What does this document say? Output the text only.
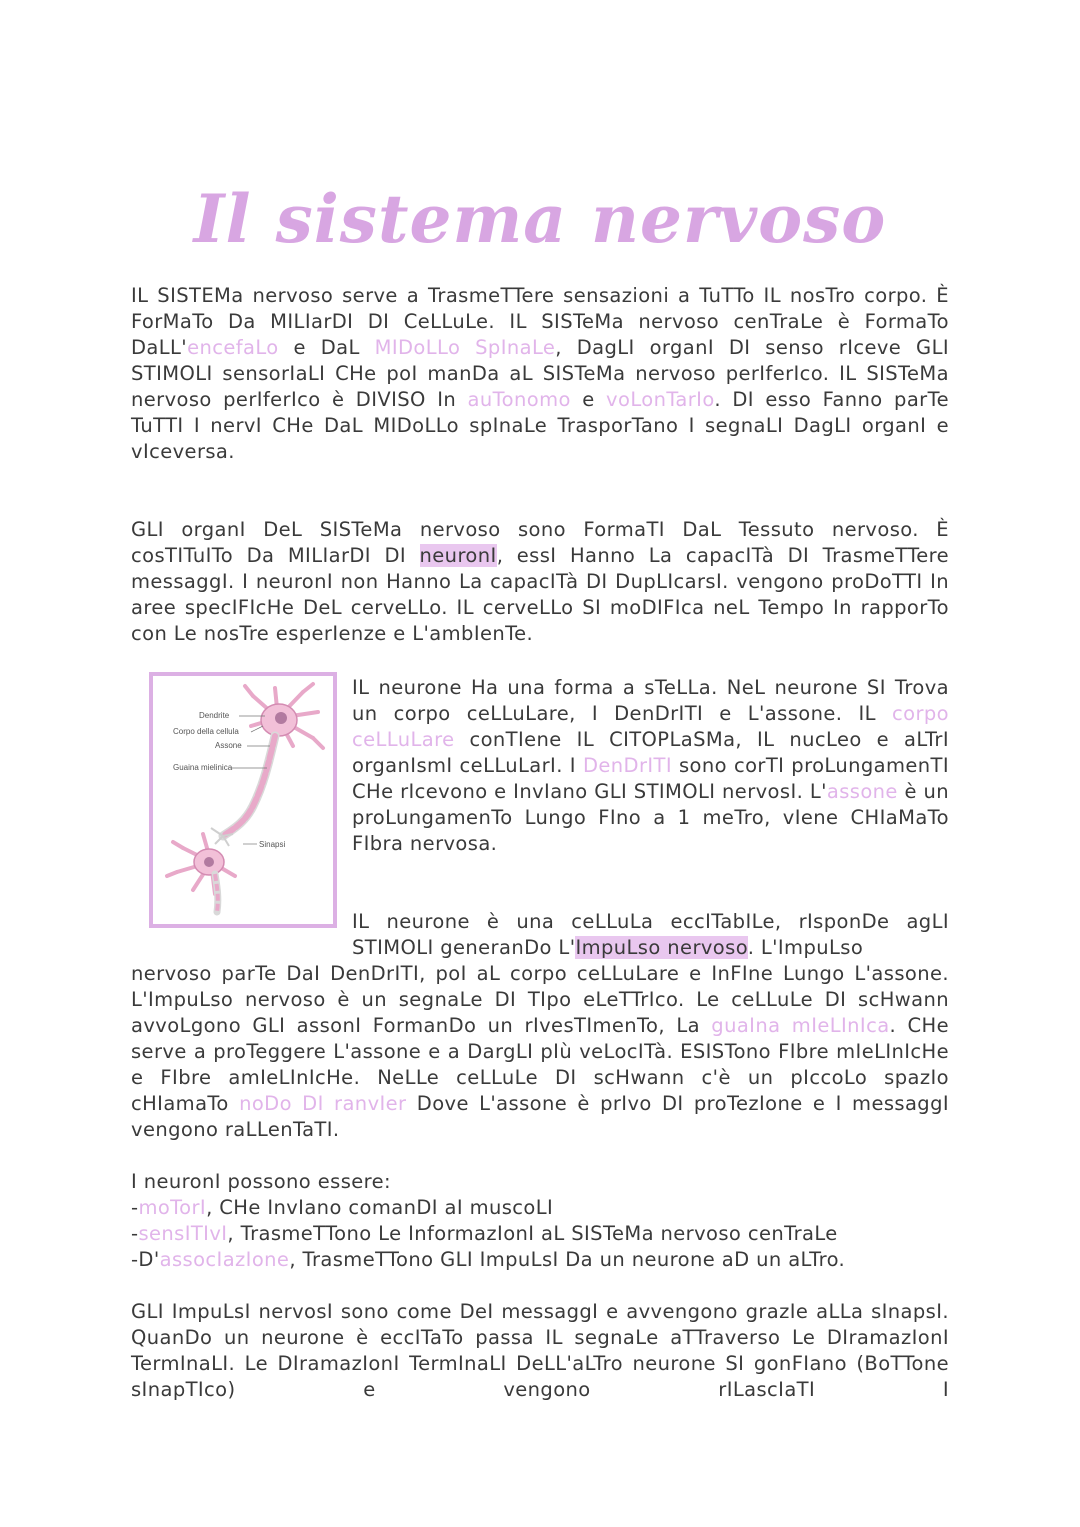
Il sistema nervoso
IL SISTEMa nervoso serve a TrasmeTTere sensazioni a TuTTo IL nosTro corpo. È ForMaTo Da MILIarDI DI CeLLuLe. IL SISTeMa nervoso cenTraLe è FormaTo DaLL'encefaLo e DaL MIDoLLo SpInaLe, DagLI organI DI senso rIceve GLI STIMOLI sensorIaLI CHe poI manDa aL SISTeMa nervoso perIferIco. IL SISTeMa nervoso perIferIco è DIVISO In auTonomo e voLonTarIo. DI esso Fanno parTe TuTTI I nervI CHe DaL MIDoLLo spInaLe TrasporTano I segnaLI DagLI organI e vIceversa.
GLI organI DeL SISTeMa nervoso sono FormaTI DaL Tessuto nervoso. È cosTITuITo Da MILIarDI DI neuronI, essI Hanno La capacITà DI TrasmeTTere messaggI. I neuronI non Hanno La capacITà DI DupLIcarsI. vengono proDoTTI In aree specIFIcHe DeL cerveLLo. IL cerveLLo SI moDIFIca neL Tempo In rapporTo con Le nosTre esperIenze e L'ambIenTe.
Dendrite
Corpo della cellula
Assone
Guaina mielinica
Sinapsi
IL neurone Ha una forma a sTeLLa. NeL neurone SI Trova un corpo ceLLuLare, I DenDrITI e L'assone. IL corpo ceLLuLare conTIene IL CITOPLaSMa, IL nucLeo e aLTrI organIsmI ceLLuLarI. I DenDrITI sono corTI proLungamenTI CHe rIcevono e InvIano GLI STIMOLI nervosI. L'assone è un proLungamenTo Lungo FIno a 1 meTro, vIene CHIaMaTo FIbra nervosa.
IL neurone è una ceLLuLa eccITabILe, rIsponDe agLI STIMOLI generanDo L'ImpuLso nervoso. L'ImpuLso
nervoso parTe DaI DenDrITI, poI aL corpo ceLLuLare e InFIne Lungo L'assone. L'ImpuLso nervoso è un segnaLe DI TIpo eLeTTrIco. Le ceLLuLe DI scHwann avvoLgono GLI assonI FormanDo un rIvesTImenTo, La guaIna mIeLInIca. CHe serve a proTeggere L'assone e a DargLI pIù veLocITà. ESISTono FIbre mIeLInIcHe e FIbre amIeLInIcHe. NeLLe ceLLuLe DI scHwann c'è un pIccoLo spazIo cHIamaTo noDo DI ranvIer Dove L'assone è prIvo DI proTezIone e I messaggI vengono raLLenTaTI.
I neuronI possono essere:
-moTorI, CHe InvIano comanDI aI muscoLI
-sensITIvI, TrasmeTTono Le InformazIonI aL SISTeMa nervoso cenTraLe
-D'assocIazIone, TrasmeTTono GLI ImpuLsI Da un neurone aD un aLTro.
GLI ImpuLsI nervosI sono come DeI messaggI e avvengono grazIe aLLa sInapsI. QuanDo un neurone è eccITaTo passa IL segnaLe aTTraverso Le DIramazIonI TermInaLI. Le DIramazIonI TermInaLI DeLL'aLTro neurone SI gonFIano (BoTTone sInapTIco) e vengono rILascIaTI I
